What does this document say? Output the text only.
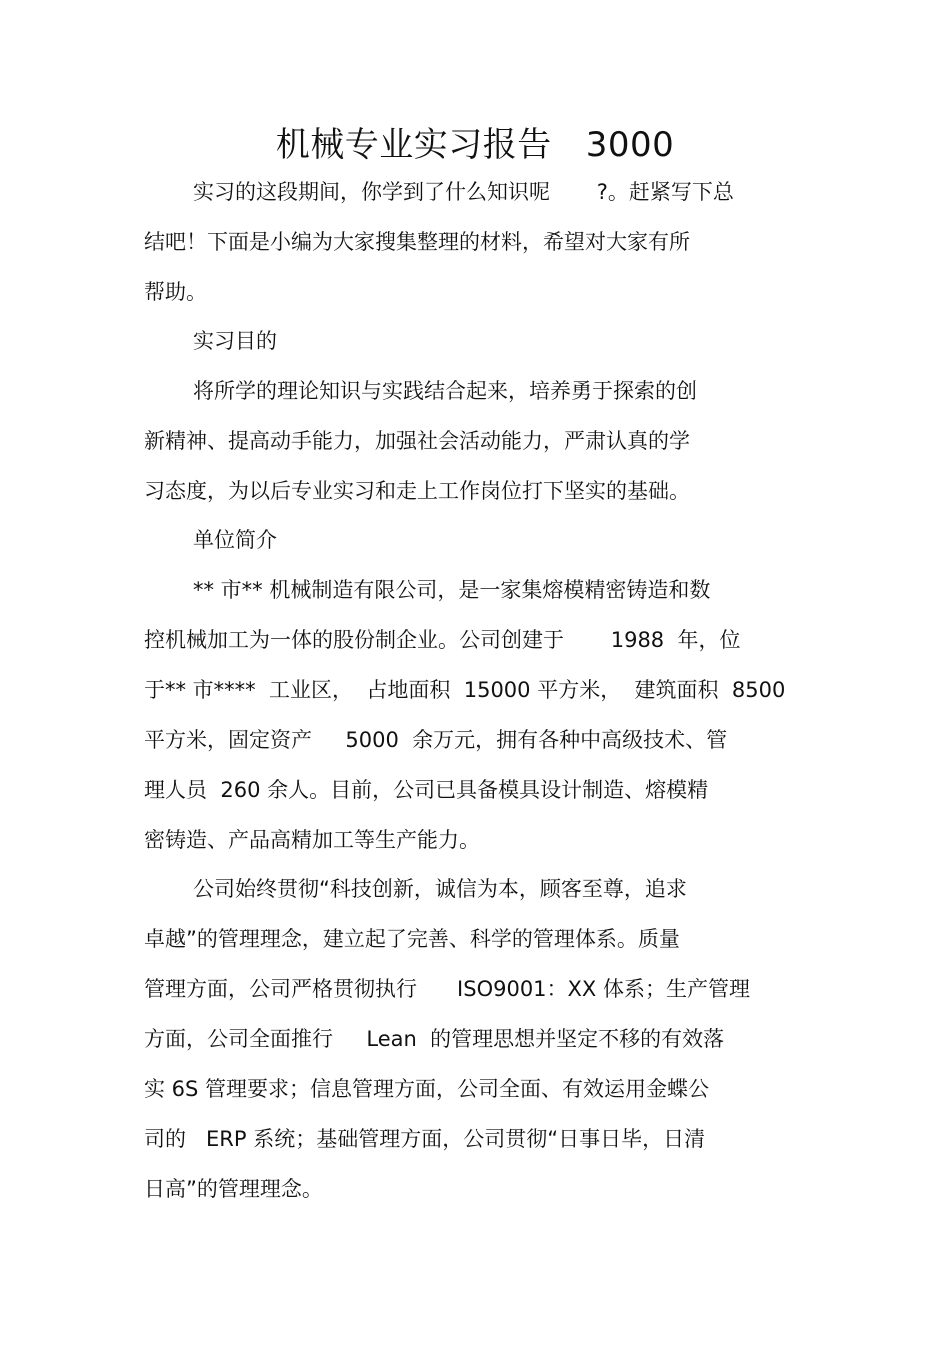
机械专业实习报告   3000
实习的这段期间，你学到了什么知识呢       ?。赶紧写下总
结吧！下面是小编为大家搜集整理的材料，希望对大家有所
帮助。
实习目的
将所学的理论知识与实践结合起来，培养勇于探索的创
新精神、提高动手能力，加强社会活动能力，严肃认真的学
习态度，为以后专业实习和走上工作岗位打下坚实的基础。
单位简介
** 市** 机械制造有限公司，是一家集熔模精密铸造和数
控机械加工为一体的股份制企业。公司创建于       1988  年，位
于** 市****  工业区，  占地面积  15000 平方米，  建筑面积  8500
平方米，固定资产     5000  余万元，拥有各种中高级技术、管
理人员  260 余人。目前，公司已具备模具设计制造、熔模精
密铸造、产品高精加工等生产能力。
公司始终贯彻“科技创新，诚信为本，顾客至尊，追求
卓越”的管理理念，建立起了完善、科学的管理体系。质量
管理方面，公司严格贯彻执行      ISO9001：XX 体系；生产管理
方面，公司全面推行     Lean  的管理思想并坚定不移的有效落
实 6S 管理要求；信息管理方面，公司全面、有效运用金蝶公
司的   ERP 系统；基础管理方面，公司贯彻“日事日毕，日清
日高”的管理理念。
